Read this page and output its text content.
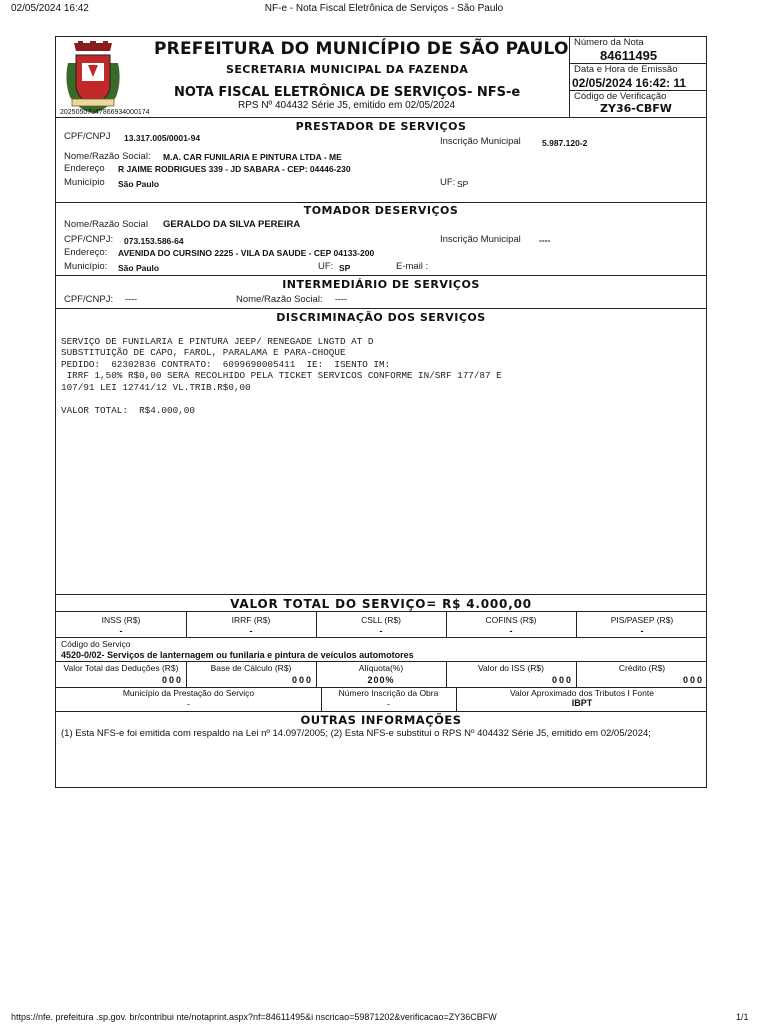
02/05/2024 16:42	NF-e - Nota Fiscal Eletrônica de Serviços - São Paulo
PREFEITURA DO MUNICÍPIO DE SÃO PAULO
SECRETARIA MUNICIPAL DA FAZENDA
NOTA FISCAL ELETRÔNICA DE SERVIÇOS- NFS-e
RPS Nº 404432 Série J5, emitido em 02/05/2024
20250507u47866934000174
Número da Nota
84611495
Data e Hora de Emissão
02/05/2024 16:42: 11
Código de Verificação
ZY36-CBFW
PRESTADOR DE SERVIÇOS
CPF/CNPJ 13.317.005/0001-94	Inscrição Municipal 5.987.120-2
Nome/Razão Social: M.A. CAR FUNILARIA E PINTURA LTDA - ME
Endereço R JAIME RODRIGUES 339 - JD SABARA - CEP: 04446-230
Município São Paulo	UF: SP
TOMADOR DESERVIÇOS
Nome/Razão Social GERALDO DA SILVA PEREIRA
CPF/CNPJ: 073.153.586-64	Inscrição Municipal ----
Endereço: AVENIDA DO CURSINO 2225 - VILA DA SAUDE - CEP 04133-200
Município: São Paulo	UF: SP	E-mail :
INTERMEDIÁRIO DE SERVIÇOS
CPF/CNPJ: ----	Nome/Razão Social: ----
DISCRIMINAÇÃO DOS SERVIÇOS

SERVIÇO DE FUNILARIA E PINTURA JEEP/ RENEGADE LNGTD AT D
SUBSTITUIÇÃO DE CAPO, FAROL, PARALAMA E PARA-CHOQUE
PEDIDO:  62302836 CONTRATO:  6099690005411  IE:  ISENTO IM:
IRRF 1,50% R$0,00 SERA RECOLHIDO PELA TICKET SERVICOS CONFORME IN/SRF 177/87 E
107/91 LEI 12741/12 VL.TRIB.R$0,00
VALOR TOTAL:  R$4.000,00

VALOR TOTAL DO SERVIÇO= R$ 4.000,00
INSS (R$)	IRRF (R$)	CSLL (R$)	COFINS (R$)	PIS/PASEP (R$)
-	-	-	-	-
Código do Serviço
4520-0/02- Serviços de lanternagem ou funilaria e pintura de veículos automotores
Valor Total das Deduções (R$)	Base de Cálculo (R$)	Alíquota(%)	Valor do ISS (R$)	Crédito (R$)
000	000	200%	000	000
Município da Prestação do Serviço	Número Inscrição da Obra	Valor Aproximado dos Tributos I Fonte
-	-	IBPT
OUTRAS INFORMAÇÕES
(1) Esta NFS-e foi emitida com respaldo na Lei nº 14.097/2005; (2) Esta NFS-e substitui o RPS Nº 404432 Série J5, emitido em 02/05/2024;
https://nfe. prefeitura .sp.gov. br/contribui nte/notaprint.aspx?nf=84611495&i nscricao=59871202&verificacao=ZY36CBFW	1/1
